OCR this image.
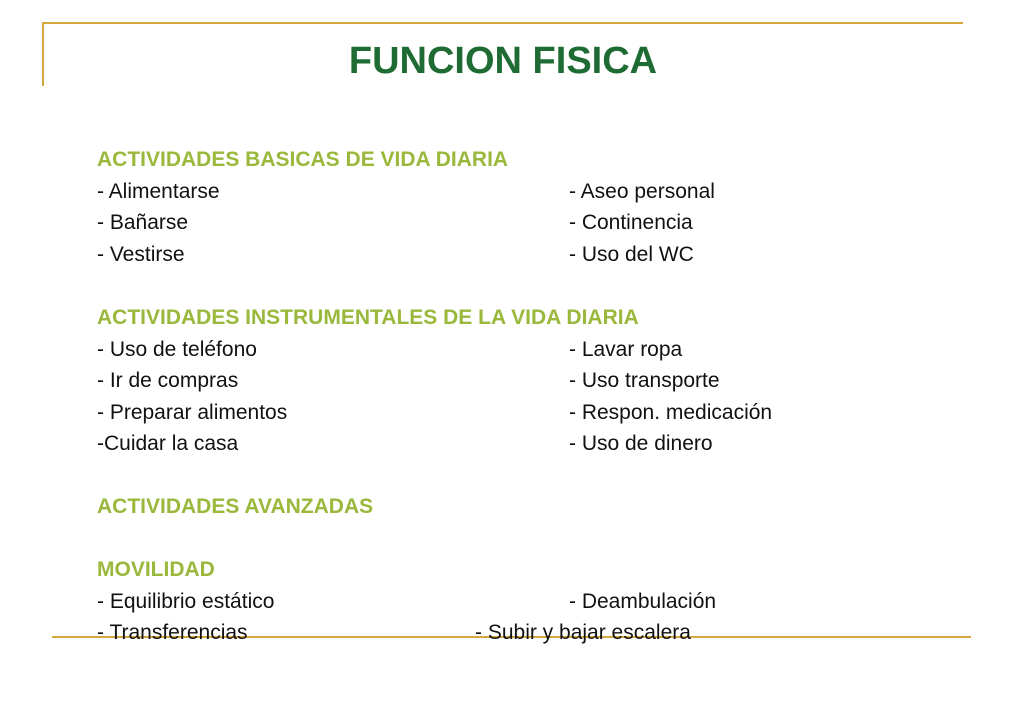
FUNCION FISICA
ACTIVIDADES BASICAS DE VIDA DIARIA
- Alimentarse	- Aseo personal
- Bañarse	- Continencia
- Vestirse	- Uso del WC
ACTIVIDADES INSTRUMENTALES DE LA VIDA DIARIA
- Uso de teléfono	- Lavar ropa
- Ir de compras	- Uso transporte
- Preparar alimentos	- Respon. medicación
-Cuidar la casa	- Uso de dinero
ACTIVIDADES AVANZADAS
MOVILIDAD
- Equilibrio estático	- Deambulación
- Transferencias	- Subir y bajar escalera
